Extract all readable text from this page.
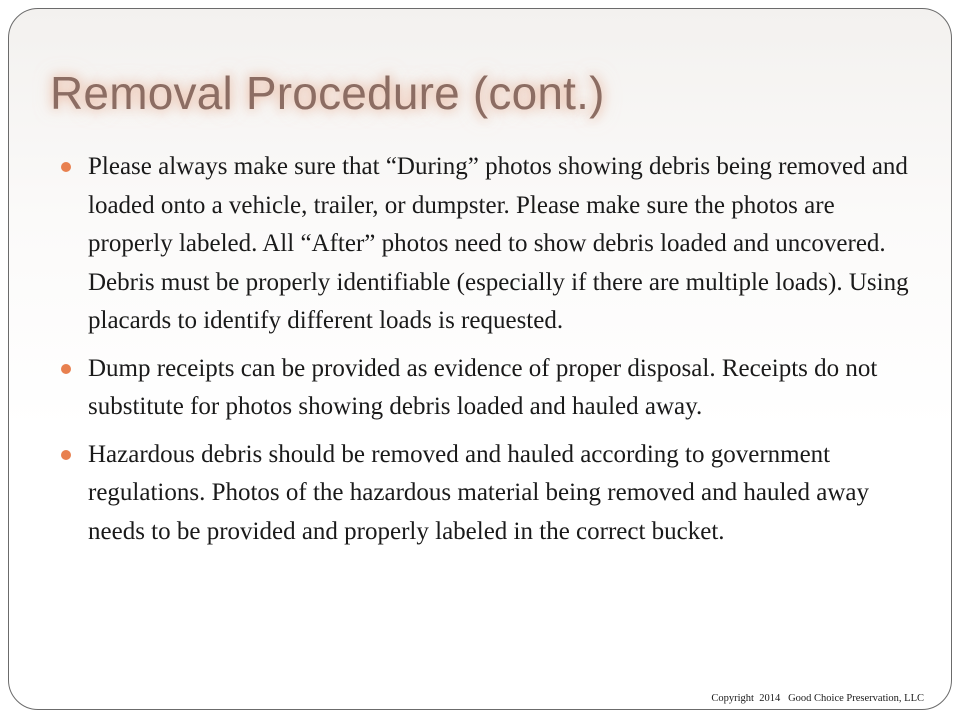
Removal Procedure (cont.)
Please always make sure that “During” photos showing debris being removed and loaded onto a vehicle, trailer, or dumpster. Please make sure the photos are properly labeled. All “After” photos need to show debris loaded and uncovered. Debris must be properly identifiable (especially if there are multiple loads). Using placards to identify different loads is requested.
Dump receipts can be provided as evidence of proper disposal. Receipts do not substitute for photos showing debris loaded and hauled away.
Hazardous debris should be removed and hauled according to government regulations. Photos of the hazardous material being removed and hauled away needs to be provided and properly labeled in the correct bucket.
Copyright  2014   Good Choice Preservation, LLC
